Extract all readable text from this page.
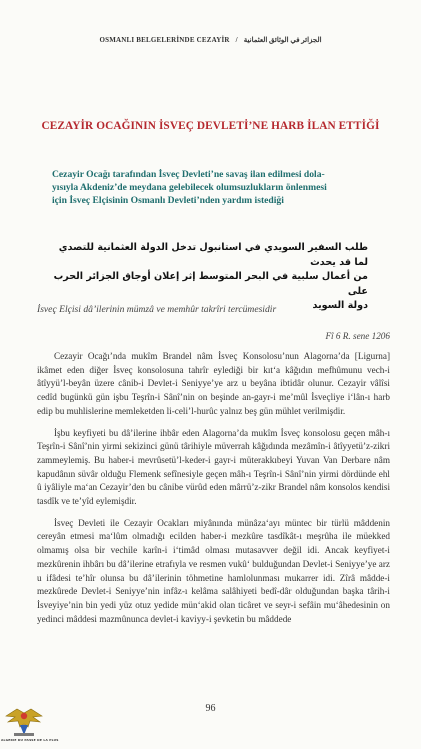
OSMANLI BELGELERİNDE CEZAYİR / الجزائر في الوثائق العثمانية
CEZAYİR OCAĞININ İSVEÇ DEVLETİ’NE HARB İLAN ETTİĞİ
Cezayir Ocağı tarafından İsveç Devleti’ne savaş ilan edilmesi dola-
yısıyla Akdeniz’de meydana gelebilecek olumsuzlukların önlenmesi
için İsveç Elçisinin Osmanlı Devleti’nden yardım istediği
طلب السفير السويدي في استانبول تدخل الدولة العثمانية للتصدي لما قد يحدث
من أعمال سلبية في البحر المتوسط إثر إعلان أوجاق الجزائر الحرب على
دولة السويد
İsveç Elçisi dâ’ilerinin mümzâ ve memhûr takrîri tercümesidir
Fî 6 R. sene 1206

Cezayir Ocağı’nda mukîm Brandel nâm İsveç Konsolosu’nun Alagorna’da [Ligurna] ikâmet eden diğer İsveç konsolosuna tahrîr eylediği bir kıt‘a kâğıdın mefhûmunu vech-i âtîyyü’l-beyân üzere cânib-i Devlet-i Seniyye’ye arz u beyâna ibtidâr olunur. Cezayir vâlîsi cedîd bugünkü gün işbu Teşrîn-i Sânî’nin on beşinde an-gayr-i me’mûl İsveçliye i‘lân-ı harb edip bu muhlislerine memleketden li-celi’l-hurûc yalnız beş gün mühlet verilmişdir.

İşbu keyfiyeti bu dâ’ilerine ihbâr eden Alagorna’da mukîm İsveç konsolosu geçen mâh-ı Teşrîn-i Sânî’nin yirmi sekizinci günü târihiyle müverrah kâğıdında mezâmîn-i âtîyyetü’z-zikri zammeylemiş. Bu haber-i mevrûsetü’l-keder-i gayr-i müterakkıbeyi Yuvan Van Derbare nâm kapudânın süvâr olduğu Flemenk sefînesiyle geçen mâh-ı Teşrîn-i Sânî’nin yirmi dördünde ehl û iyâliyle ma‘an Cezayir’den bu cânibe vürûd eden mârrü’z-zikr Brandel nâm konsolos kendisi tasdîk ve te’yîd eylemişdir.

İsveç Devleti ile Cezayir Ocakları miyânında münâza‘ayı müntec bir türlü mâddenin cereyân etmesi ma‘lûm olmadığı ecilden haber-i mezkûre tasdîkât-ı meşrûha ile müekked olmamış olsa bir vechile karîn-i i‘timâd olması mutasavver değil idi. Ancak keyfiyet-i mezkûrenin ihbârı bu dâ’ilerine etrafıyla ve resmen vukû‘ bulduğundan Devlet-i Seniyye’ye arz u ifâdesi te’hîr olunsa bu dâ’ilerinin töhmetine hamlolunması mukarrer idi. Zîrâ mâdde-i mezkûrede Devlet-i Seniyye’nin infâz-ı kelâma salâhiyeti bedî-dâr olduğundan başka târih-i İsveyiye’nin bin yedi yüz otuz yedide mün‘akid olan ticâret ve seyr-i sefâin mu‘âhedesinin on yedinci mâddesi mazmûnunca devlet-i kaviyy-i şevketin bu mâddede

96
ALGERIE DU PASSE DE LA PLUS
